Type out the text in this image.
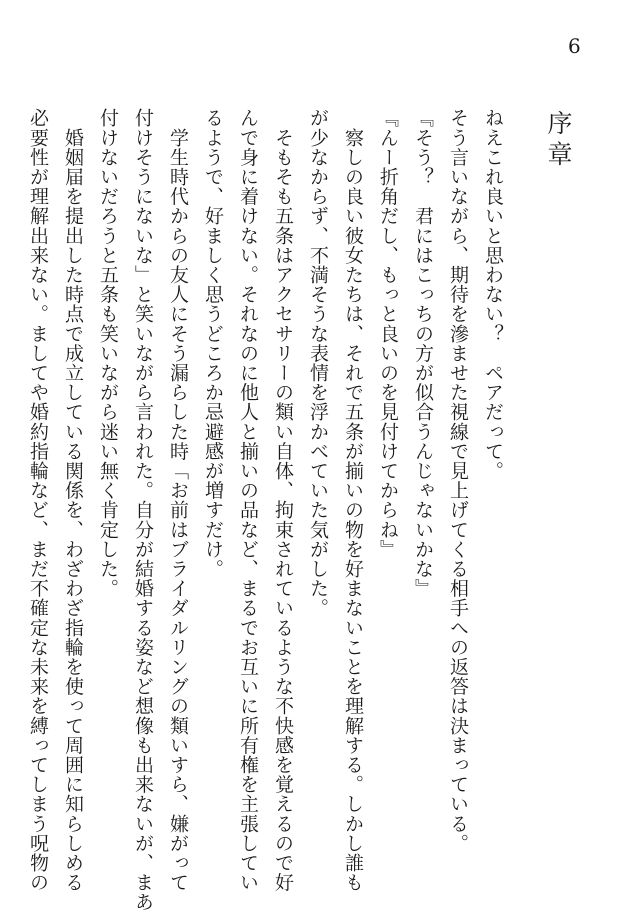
6
序章
ねえこれ良いと思わない？　ペアだって。
そう言いながら、期待を滲ませた視線で見上げてくる相手への返答は決まっている。
『そう？　君にはこっちの方が似合うんじゃないかな』
『んー折角だし、もっと良いのを見付けてからね』
　察しの良い彼女たちは、それで五条が揃いの物を好まないことを理解する。しかし誰も
が少なからず、不満そうな表情を浮かべていた気がした。
　そもそも五条はアクセサリーの類い自体、拘束されているような不快感を覚えるので好
んで身に着けない。それなのに他人と揃いの品など、まるでお互いに所有権を主張してい
るようで、好ましく思うどころか忌避感が増すだけ。
　学生時代からの友人にそう漏らした時「お前はブライダルリングの類いすら、嫌がって
付けそうにないな」と笑いながら言われた。自分が結婚する姿など想像も出来ないが、まあ
付けないだろうと五条も笑いながら迷い無く肯定した。
　婚姻届を提出した時点で成立している関係を、わざわざ指輪を使って周囲に知らしめる
必要性が理解出来ない。ましてや婚約指輪など、まだ不確定な未来を縛ってしまう呪物の
